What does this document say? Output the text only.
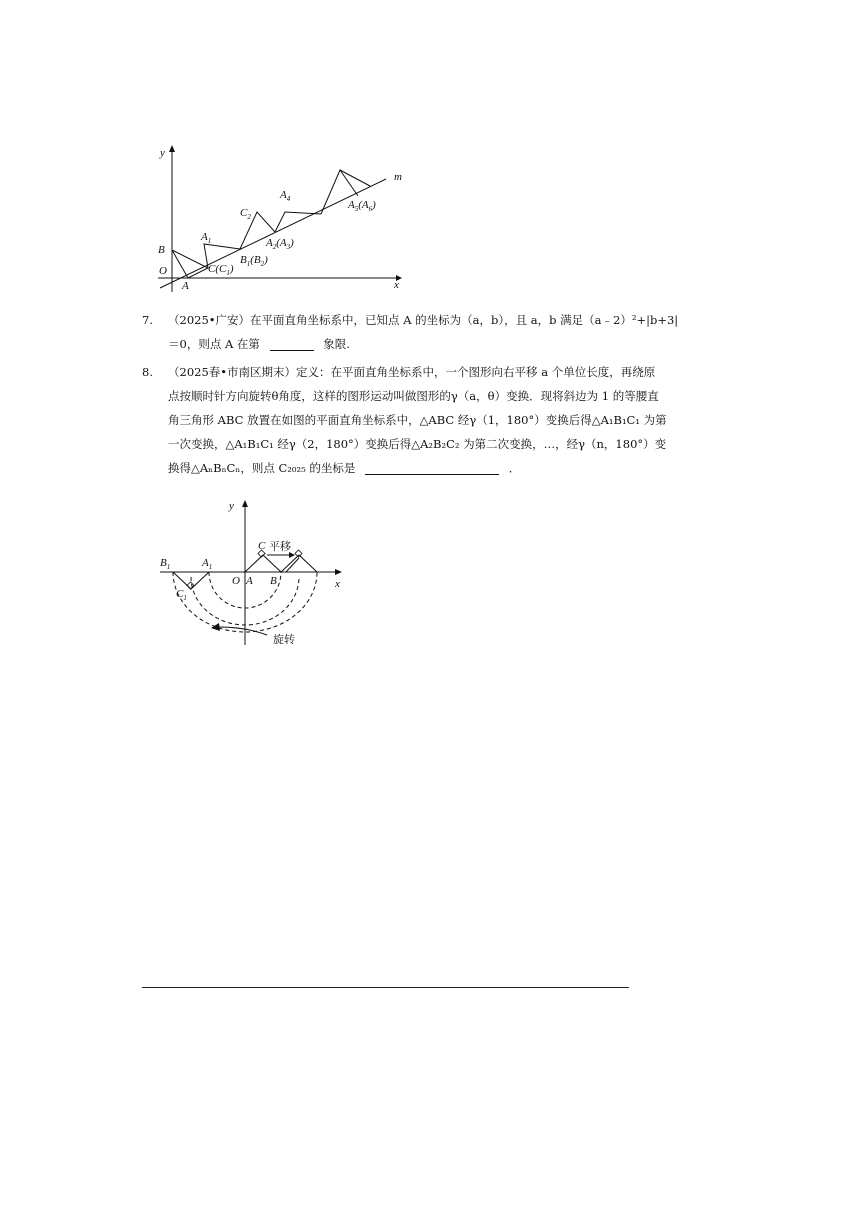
y
x
m
O
B
A
$A_1$
$C(C_1)$
$B_1(B_2)$
$C_2$
$A_2(A_3)$
$A_4$	$A_5(A_6)$
7. （2025•广安）在平面直角坐标系中，已知点 A 的坐标为（a，b），且 a，b 满足（a﹣2）²+|b+3|
＝0，则点 A 在第	象限.
8. （2025春•市南区期末）定义：在平面直角坐标系中，一个图形向右平移 a 个单位长度，再绕原
点按顺时针方向旋转θ角度，这样的图形运动叫做图形的γ（a，θ）变换．现将斜边为 1 的等腰直
角三角形 ABC 放置在如图的平面直角坐标系中，△ABC 经γ（1，180°）变换后得△A₁B₁C₁ 为第
一次变换，△A₁B₁C₁ 经γ（2，180°）变换后得△A₂B₂C₂ 为第二次变换，…，经γ（n，180°）变
换得△AₙBₙCₙ，则点 C₂₀₂₅ 的坐标是	．
y
x
O A B
C 平移
旋转
$B_1$	$A_1$
$C_1$
